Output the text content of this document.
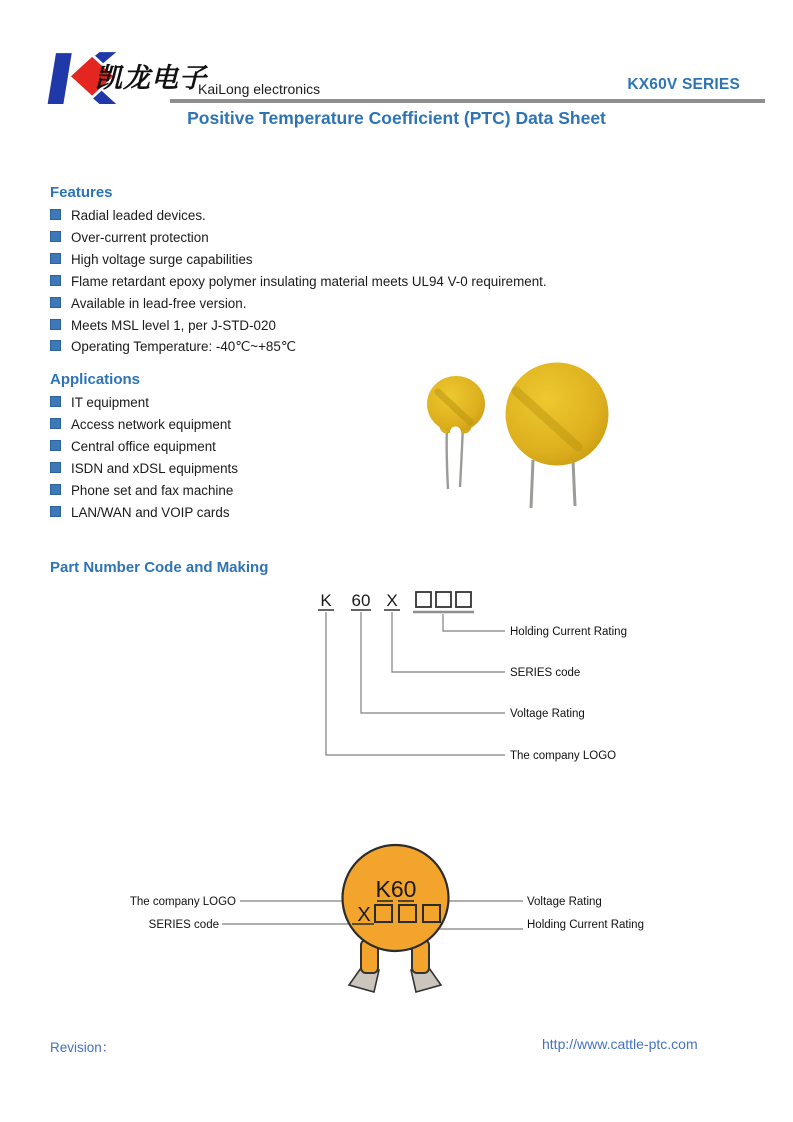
凯龙电子
KaiLong electronics	KX60V SERIES
Positive Temperature Coefficient (PTC) Data Sheet
Features
Radial leaded devices.
Over-current protection
High voltage surge capabilities
Flame retardant epoxy polymer insulating material meets UL94 V-0 requirement.
Available in lead-free version.
Meets MSL level 1, per J-STD-020
Operating Temperature: -40℃~+85℃
Applications
IT equipment
Access network equipment
Central office equipment
ISDN and xDSL equipments
Phone set and fax machine
LAN/WAN and VOIP cards
Part Number Code and Making
K 60 X
Holding Current Rating
SERIES code
Voltage Rating
The company LOGO
K60
X
The company LOGO
SERIES code
Voltage Rating
Holding Current Rating
Revision：	http://www.cattle-ptc.com
